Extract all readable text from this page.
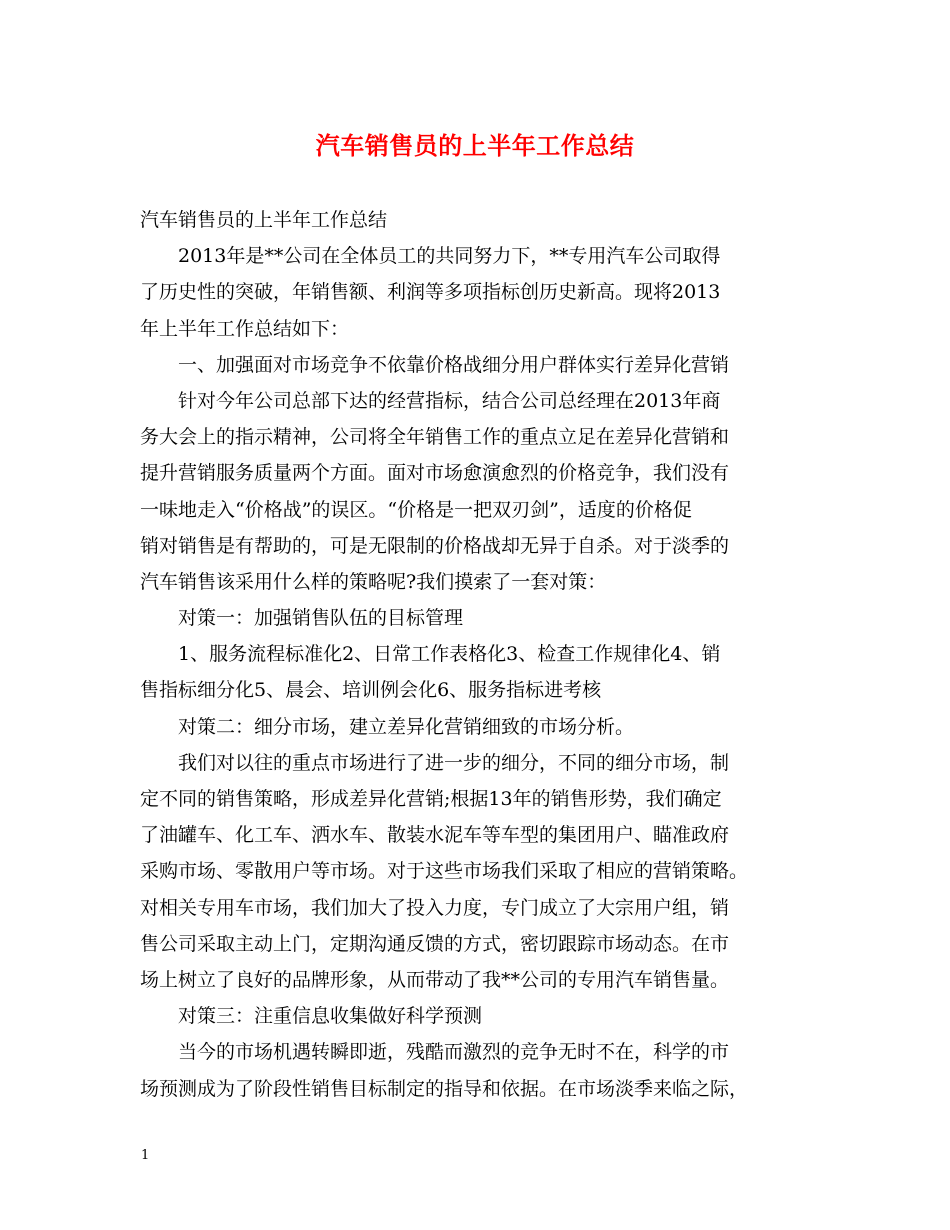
汽车销售员的上半年工作总结
汽车销售员的上半年工作总结
　　2013年是**公司在全体员工的共同努力下，**专用汽车公司取得
了历史性的突破，年销售额、利润等多项指标创历史新高。现将2013
年上半年工作总结如下：
　　一、加强面对市场竞争不依靠价格战细分用户群体实行差异化营销
　　针对今年公司总部下达的经营指标，结合公司总经理在2013年商
务大会上的指示精神，公司将全年销售工作的重点立足在差异化营销和
提升营销服务质量两个方面。面对市场愈演愈烈的价格竞争，我们没有
一味地走入“价格战”的误区。“价格是一把双刃剑”，适度的价格促
销对销售是有帮助的，可是无限制的价格战却无异于自杀。对于淡季的
汽车销售该采用什么样的策略呢?我们摸索了一套对策：
　　对策一：加强销售队伍的目标管理
　　1、服务流程标准化2、日常工作表格化3、检查工作规律化4、销
售指标细分化5、晨会、培训例会化6、服务指标进考核
　　对策二：细分市场，建立差异化营销细致的市场分析。
　　我们对以往的重点市场进行了进一步的细分，不同的细分市场，制
定不同的销售策略，形成差异化营销;根据13年的销售形势，我们确定
了油罐车、化工车、洒水车、散装水泥车等车型的集团用户、瞄准政府
采购市场、零散用户等市场。对于这些市场我们采取了相应的营销策略。
对相关专用车市场，我们加大了投入力度，专门成立了大宗用户组，销
售公司采取主动上门，定期沟通反馈的方式，密切跟踪市场动态。在市
场上树立了良好的品牌形象，从而带动了我**公司的专用汽车销售量。
　　对策三：注重信息收集做好科学预测
　　当今的市场机遇转瞬即逝，残酷而激烈的竞争无时不在，科学的市
场预测成为了阶段性销售目标制定的指导和依据。在市场淡季来临之际，
1
